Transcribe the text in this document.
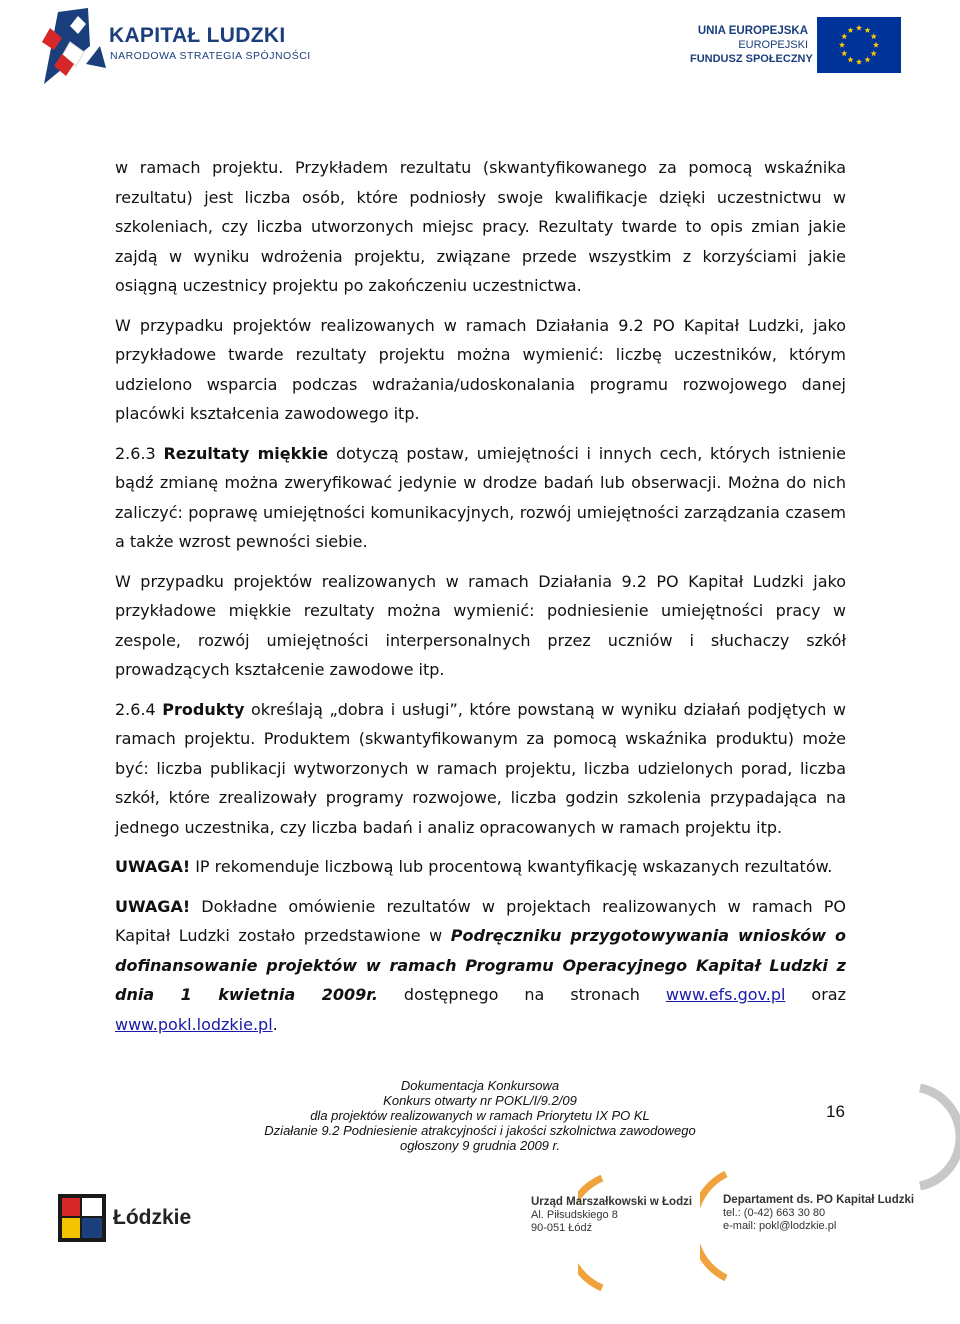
KAPITAŁ LUDZKI
NARODOWA STRATEGIA SPÓJNOŚCI
UNIA EUROPEJSKA
EUROPEJSKI
FUNDUSZ SPOŁECZNY

w ramach projektu. Przykładem rezultatu (skwantyfikowanego za pomocą wskaźnika rezultatu) jest liczba osób, które podniosły swoje kwalifikacje dzięki uczestnictwu w szkoleniach, czy liczba utworzonych miejsc pracy. Rezultaty twarde to opis zmian jakie zajdą w wyniku wdrożenia projektu, związane przede wszystkim z korzyściami jakie osiągną uczestnicy projektu po zakończeniu uczestnictwa.

W przypadku projektów realizowanych w ramach Działania 9.2 PO Kapitał Ludzki, jako przykładowe twarde rezultaty projektu można wymienić: liczbę uczestników, którym udzielono wsparcia podczas wdrażania/udoskonalania programu rozwojowego danej placówki kształcenia zawodowego itp.

2.6.3 Rezultaty miękkie dotyczą postaw, umiejętności i innych cech, których istnienie bądź zmianę można zweryfikować jedynie w drodze badań lub obserwacji. Można do nich zaliczyć: poprawę umiejętności komunikacyjnych, rozwój umiejętności zarządzania czasem a także wzrost pewności siebie.

W przypadku projektów realizowanych w ramach Działania 9.2 PO Kapitał Ludzki jako przykładowe miękkie rezultaty można wymienić: podniesienie umiejętności pracy w zespole, rozwój umiejętności interpersonalnych przez uczniów i słuchaczy szkół prowadzących kształcenie zawodowe itp.

2.6.4 Produkty określają „dobra i usługi”, które powstaną w wyniku działań podjętych w ramach projektu. Produktem (skwantyfikowanym za pomocą wskaźnika produktu) może być: liczba publikacji wytworzonych w ramach projektu, liczba udzielonych porad, liczba szkół, które zrealizowały programy rozwojowe, liczba godzin szkolenia przypadająca na jednego uczestnika, czy liczba badań i analiz opracowanych w ramach projektu itp.

UWAGA! IP rekomenduje liczbową lub procentową kwantyfikację wskazanych rezultatów.

UWAGA! Dokładne omówienie rezultatów w projektach realizowanych w ramach PO Kapitał Ludzki zostało przedstawione w Podręczniku przygotowywania wniosków o dofinansowanie projektów w ramach Programu Operacyjnego Kapitał Ludzki z dnia 1 kwietnia 2009r. dostępnego na stronach www.efs.gov.pl oraz www.pokl.lodzkie.pl.

Dokumentacja Konkursowa
Konkurs otwarty nr POKL/I/9.2/09
dla projektów realizowanych w ramach Priorytetu IX PO KL
Działanie 9.2 Podniesienie atrakcyjności i jakości szkolnictwa zawodowego
ogłoszony 9 grudnia 2009 r.
16
Łódzkie
Urząd Marszałkowski w Łodzi
Al. Piłsudskiego 8
90-051 Łódź
Departament ds. PO Kapitał Ludzki
tel.: (0-42) 663 30 80
e-mail: pokl@lodzkie.pl
